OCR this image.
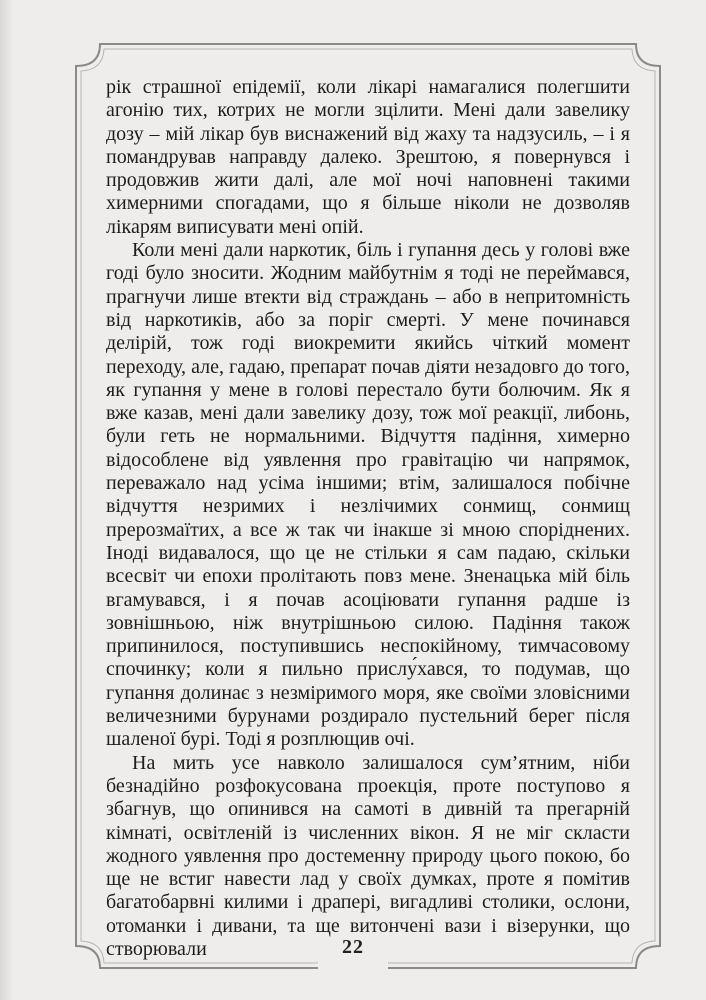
рік страшної епідемії, коли лікарі намагалися полегшити агонію тих, котрих не могли зцілити. Мені дали завелику дозу – мій лікар був виснажений від жаху та надзусиль, – і я помандрував направду далеко. Зрештою, я повернувся і продовжив жити далі, але мої ночі наповнені такими химерними спогадами, що я більше ніколи не дозволяв лікарям виписувати мені опій.

Коли мені дали наркотик, біль і гупання десь у голові вже годі було зносити. Жодним майбутнім я тоді не переймався, прагнучи лише втекти від страждань – або в непритомність від наркотиків, або за поріг смерті. У мене починався делірій, тож годі виокремити якийсь чіткий момент переходу, але, гадаю, препарат почав діяти незадовго до того, як гупання у мене в голові перестало бути болючим. Як я вже казав, мені дали завелику дозу, тож мої реакції, либонь, були геть не нормальними. Відчуття падіння, химерно відособлене від уявлення про гравітацію чи напрямок, переважало над усіма іншими; втім, залишалося побічне відчуття незримих і незлічимих сонмищ, сонмищ прерозмаїтих, а все ж так чи інакше зі мною споріднених. Іноді видавалося, що це не стільки я сам падаю, скільки всесвіт чи епохи пролітають повз мене. Зненацька мій біль вгамувався, і я почав асоціювати гупання радше із зовнішньою, ніж внутрішньою силою. Падіння також припинилося, поступившись неспокійному, тимчасовому спочинку; коли я пильно прислу́хався, то подумав, що гупання долинає з незміримого моря, яке своїми зловісними величезними бурунами роздирало пустельний берег після шаленої бурі. Тоді я розплющив очі.

На мить усе навколо залишалося сум’ятним, ніби безнадійно розфокусована проекція, проте поступово я збагнув, що опинився на самоті в дивній та прегарній кімнаті, освітленій із численних вікон. Я не міг скласти жодного уявлення про достеменну природу цього покою, бо ще не встиг навести лад у своїх думках, проте я помітив багатобарвні килими і драпері, вигадливі столики, ослони, отоманки і дивани, та ще витончені вази і візерунки, що створювали	22
